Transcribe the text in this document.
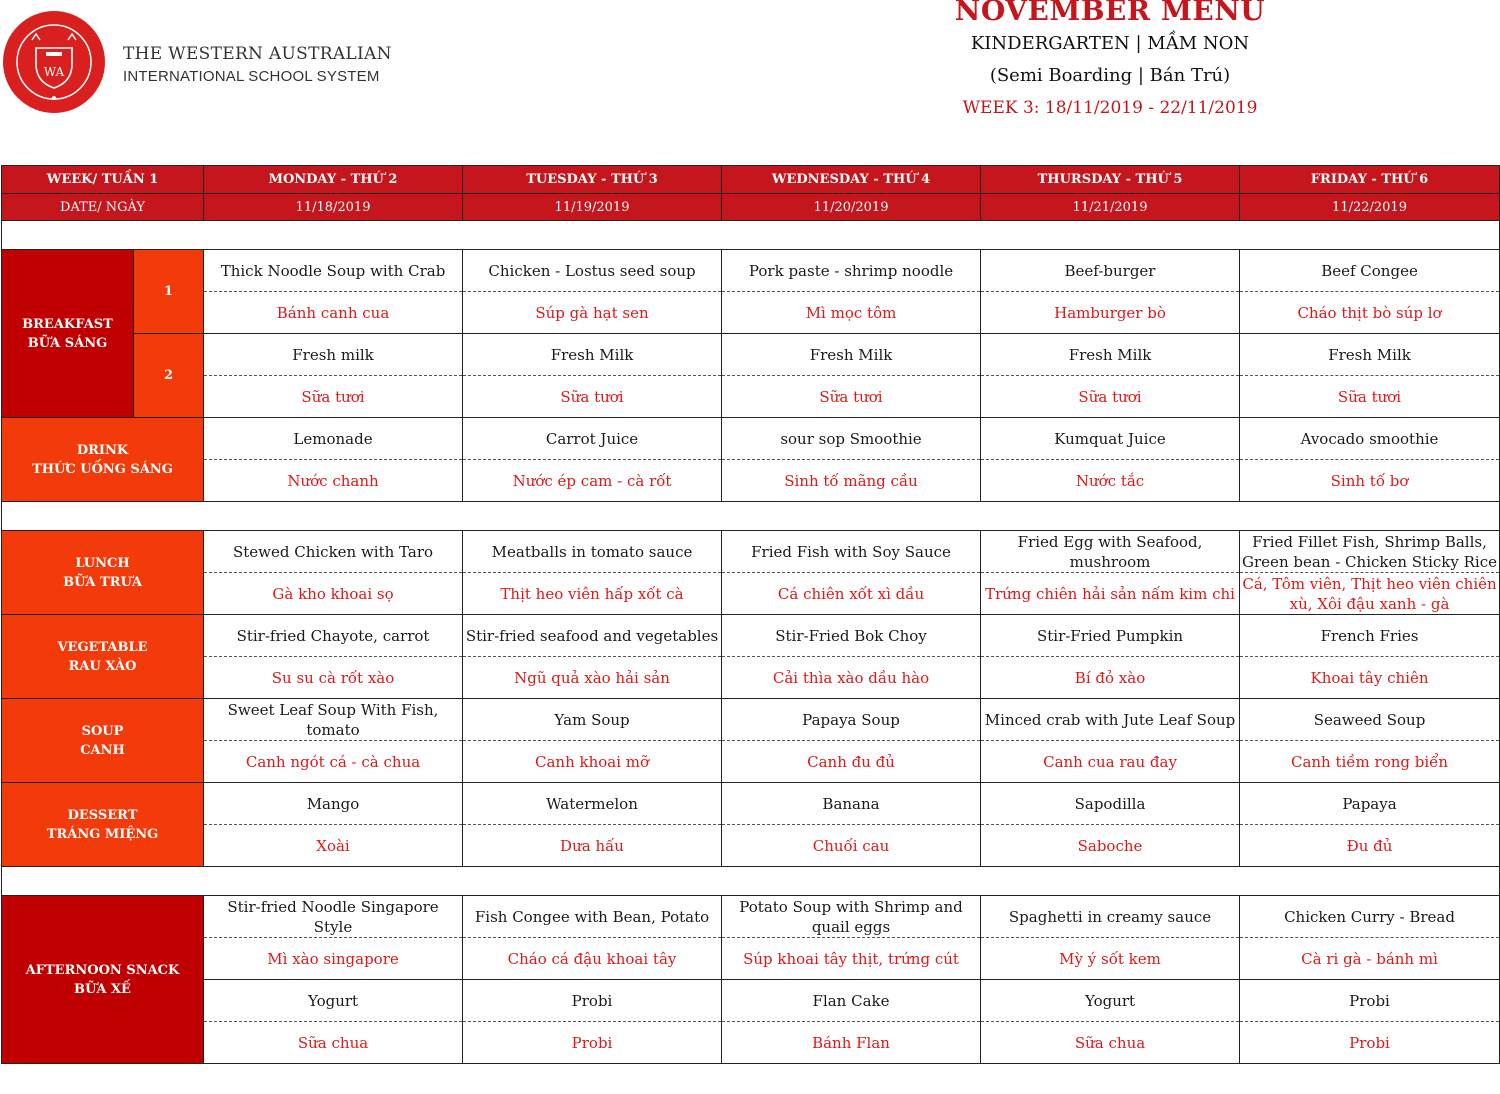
WA
THE WESTERN AUSTRALIAN
INTERNATIONAL SCHOOL SYSTEM
NOVEMBER MENU
KINDERGARTEN | MẦM NON
(Semi Boarding | Bán Trú)
WEEK 3: 18/11/2019 - 22/11/2019
WEEK/ TUẦN 1		MONDAY - THỨ 2	TUESDAY - THỨ 3	WEDNESDAY - THỨ 4	THURSDAY - THỨ 5	FRIDAY - THỨ 6
DATE/ NGÀY		11/18/2019	11/19/2019	11/20/2019	11/21/2019	11/22/2019

BREAKFAST
BỮA SÁNG	1	Thick Noodle Soup with Crab	Chicken - Lostus seed soup	Pork paste - shrimp noodle	Beef-burger	Beef Congee
		Bánh canh cua	Súp gà hạt sen	Mì mọc tôm	Hamburger bò	Cháo thịt bò súp lơ
	2	Fresh milk	Fresh Milk	Fresh Milk	Fresh Milk	Fresh Milk
		Sữa tươi	Sữa tươi	Sữa tươi	Sữa tươi	Sữa tươi
DRINK
THỨC UỐNG SÁNG		Lemonade	Carrot Juice	sour sop Smoothie	Kumquat Juice	Avocado smoothie
		Nước chanh	Nước ép cam - cà rốt	Sinh tố mãng cầu	Nước tắc	Sinh tố bơ

LUNCH
BỮA TRƯA		Stewed Chicken with Taro	Meatballs in tomato sauce	Fried Fish with Soy Sauce	Fried Egg with Seafood, mushroom	Fried Fillet Fish, Shrimp Balls, Green bean - Chicken Sticky Rice
		Gà kho khoai sọ	Thịt heo viên hấp xốt cà	Cá chiên xốt xì dầu	Trứng chiên hải sản nấm kim chi	Cá, Tôm viên, Thịt heo viên chiên xù, Xôi đậu xanh - gà
VEGETABLE
RAU XÀO		Stir-fried Chayote, carrot	Stir-fried seafood and vegetables	Stir-Fried Bok Choy	Stir-Fried Pumpkin	French Fries
		Su su cà rốt xào	Ngũ quả xào hải sản	Cải thìa xào dầu hào	Bí đỏ xào	Khoai tây chiên
SOUP
CANH		Sweet Leaf Soup With Fish, tomato	Yam Soup	Papaya Soup	Minced crab with Jute Leaf Soup	Seaweed Soup
		Canh ngót cá - cà chua	Canh khoai mỡ	Canh đu đủ	Canh cua rau đay	Canh tiềm rong biển
DESSERT
TRÁNG MIỆNG		Mango	Watermelon	Banana	Sapodilla	Papaya
		Xoài	Dưa hấu	Chuối cau	Saboche	Đu đủ

AFTERNOON SNACK
BỮA XẾ		Stir-fried Noodle Singapore Style	Fish Congee with Bean, Potato	Potato Soup with Shrimp and quail eggs	Spaghetti in creamy sauce	Chicken Curry - Bread
		Mì xào singapore	Cháo cá đậu khoai tây	Súp khoai tây thịt, trứng cút	Mỳ ý sốt kem	Cà ri gà - bánh mì
		Yogurt	Probi	Flan Cake	Yogurt	Probi
		Sữa chua	Probi	Bánh Flan	Sữa chua	Probi
